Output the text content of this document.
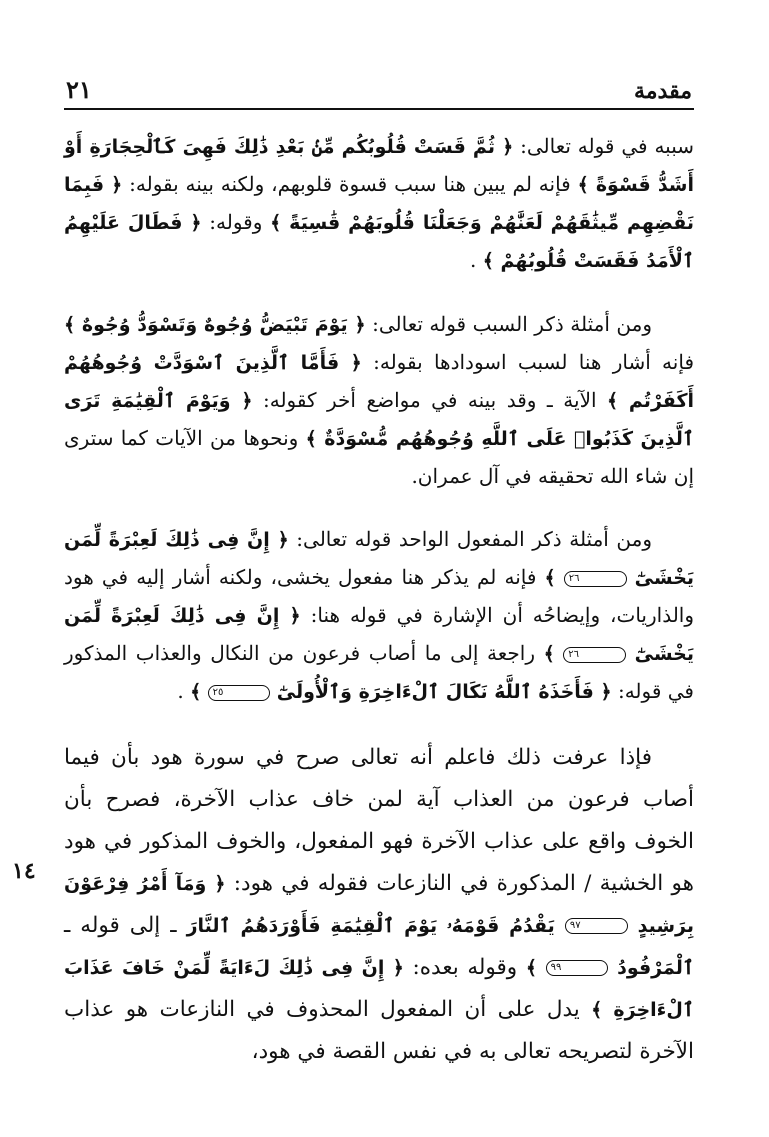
مقدمة
٢١

سببه في قوله تعالى: ﴿ ثُمَّ قَسَتْ قُلُوبُكُم مِّنۢ بَعْدِ ذَٰلِكَ فَهِىَ كَٱلْحِجَارَةِ أَوْ أَشَدُّ قَسْوَةً ﴾ فإنه لم يبين هنا سبب قسوة قلوبهم، ولكنه بينه بقوله: ﴿ فَبِمَا نَقْضِهِم مِّيثَٰقَهُمْ لَعَنَّٰهُمْ وَجَعَلْنَا قُلُوبَهُمْ قَٰسِيَةً ﴾ وقوله: ﴿ فَطَالَ عَلَيْهِمُ ٱلْأَمَدُ فَقَسَتْ قُلُوبُهُمْ ﴾ .

ومن أمثلة ذكر السبب قوله تعالى: ﴿ يَوْمَ تَبْيَضُّ وُجُوهٌ وَتَسْوَدُّ وُجُوهٌ ﴾ فإنه أشار هنا لسبب اسودادها بقوله: ﴿ فَأَمَّا ٱلَّذِينَ ٱسْوَدَّتْ وُجُوهُهُمْ أَكَفَرْتُم ﴾ الآية ـ وقد بينه في مواضع أخر كقوله: ﴿ وَيَوْمَ ٱلْقِيَٰمَةِ تَرَى ٱلَّذِينَ كَذَبُوا۟ عَلَى ٱللَّهِ وُجُوهُهُم مُّسْوَدَّةٌ ﴾ ونحوها من الآيات كما سترى إن شاء الله تحقيقه في آل عمران.

ومن أمثلة ذكر المفعول الواحد قوله تعالى: ﴿ إِنَّ فِى ذَٰلِكَ لَعِبْرَةً لِّمَن يَخْشَىٰٓ ٢٦ ﴾ فإنه لم يذكر هنا مفعول يخشى، ولكنه أشار إليه في هود والذاريات، وإيضاحُه أن الإشارة في قوله هنا: ﴿ إِنَّ فِى ذَٰلِكَ لَعِبْرَةً لِّمَن يَخْشَىٰٓ ٢٦ ﴾ راجعة إلى ما أصاب فرعون من النكال والعذاب المذكور في قوله: ﴿ فَأَخَذَهُ ٱللَّهُ نَكَالَ ٱلْءَاخِرَةِ وَٱلْأُولَىٰٓ ٢٥ ﴾ .

فإذا عرفت ذلك فاعلم أنه تعالى صرح في سورة هود بأن فيما أصاب فرعون من العذاب آية لمن خاف عذاب الآخرة، فصرح بأن الخوف واقع على عذاب الآخرة فهو المفعول، والخوف المذكور في هود هو الخشية / المذكورة في النازعات فقوله في هود: ﴿ وَمَآ أَمْرُ فِرْعَوْنَ بِرَشِيدٍ ٩٧ يَقْدُمُ قَوْمَهُۥ يَوْمَ ٱلْقِيَٰمَةِ فَأَوْرَدَهُمُ ٱلنَّارَ ـ إلى قوله ـ ٱلْمَرْفُودُ ٩٩ ﴾ وقوله بعده: ﴿ إِنَّ فِى ذَٰلِكَ لَءَايَةً لِّمَنْ خَافَ عَذَابَ ٱلْءَاخِرَةِ ﴾ يدل على أن المفعول المحذوف في النازعات هو عذاب الآخرة لتصريحه تعالى به في نفس القصة في هود،

١٤
